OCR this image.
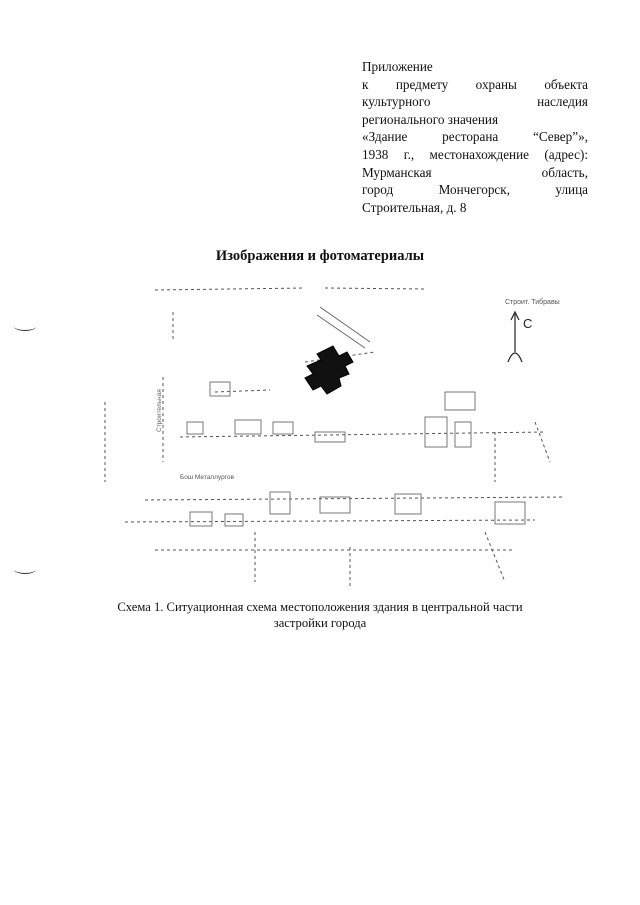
Приложение
к предмету охраны объекта
культурного наследия
регионального значения
«Здание ресторана “Север”»,
1938 г., местонахождение (адрес):
Мурманская область,
город Мончегорск, улица
Строительная, д. 8
Изображения и фотоматериалы
С
Строит. Тибравы
Бош Металлургов
Строительная
Схема 1. Ситуационная схема местоположения здания в центральной части
застройки города
